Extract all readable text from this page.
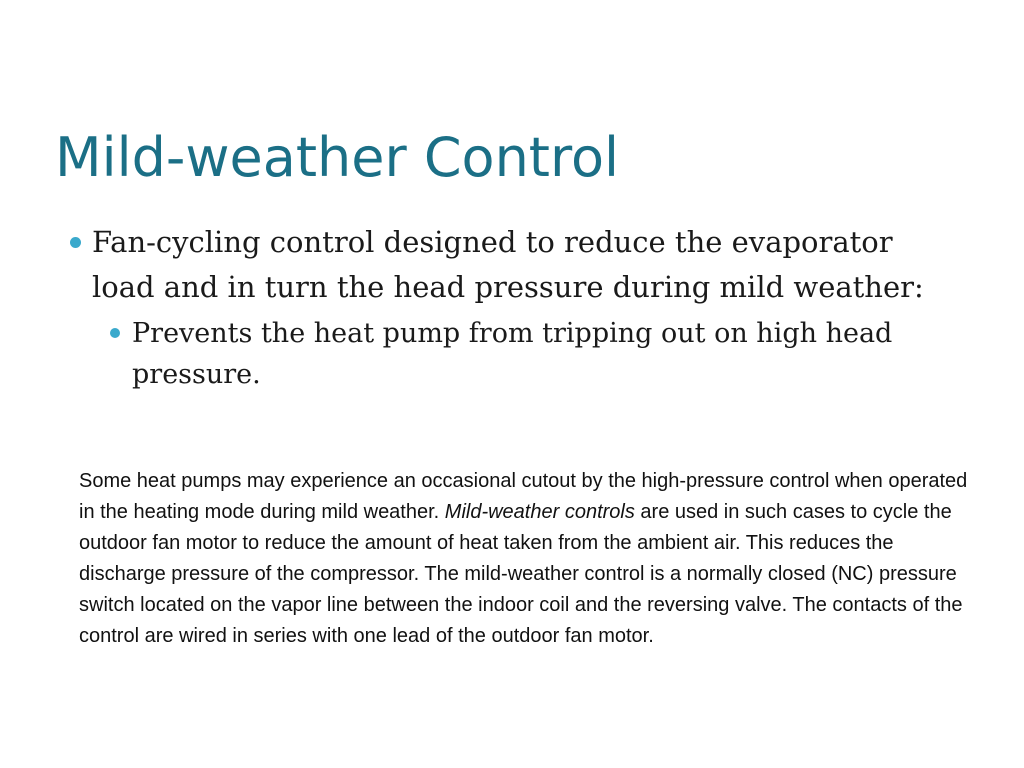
Mild-weather Control
Fan-cycling control designed to reduce the evaporator load and in turn the head pressure during mild weather:
Prevents the heat pump from tripping out on high head pressure.

Some heat pumps may experience an occasional cutout by the high-pressure control when operated in the heating mode during mild weather. Mild-weather controls are used in such cases to cycle the outdoor fan motor to reduce the amount of heat taken from the ambient air. This reduces the discharge pressure of the compressor. The mild-weather control is a normally closed (NC) pressure switch located on the vapor line between the indoor coil and the reversing valve. The contacts of the control are wired in series with one lead of the outdoor fan motor.
